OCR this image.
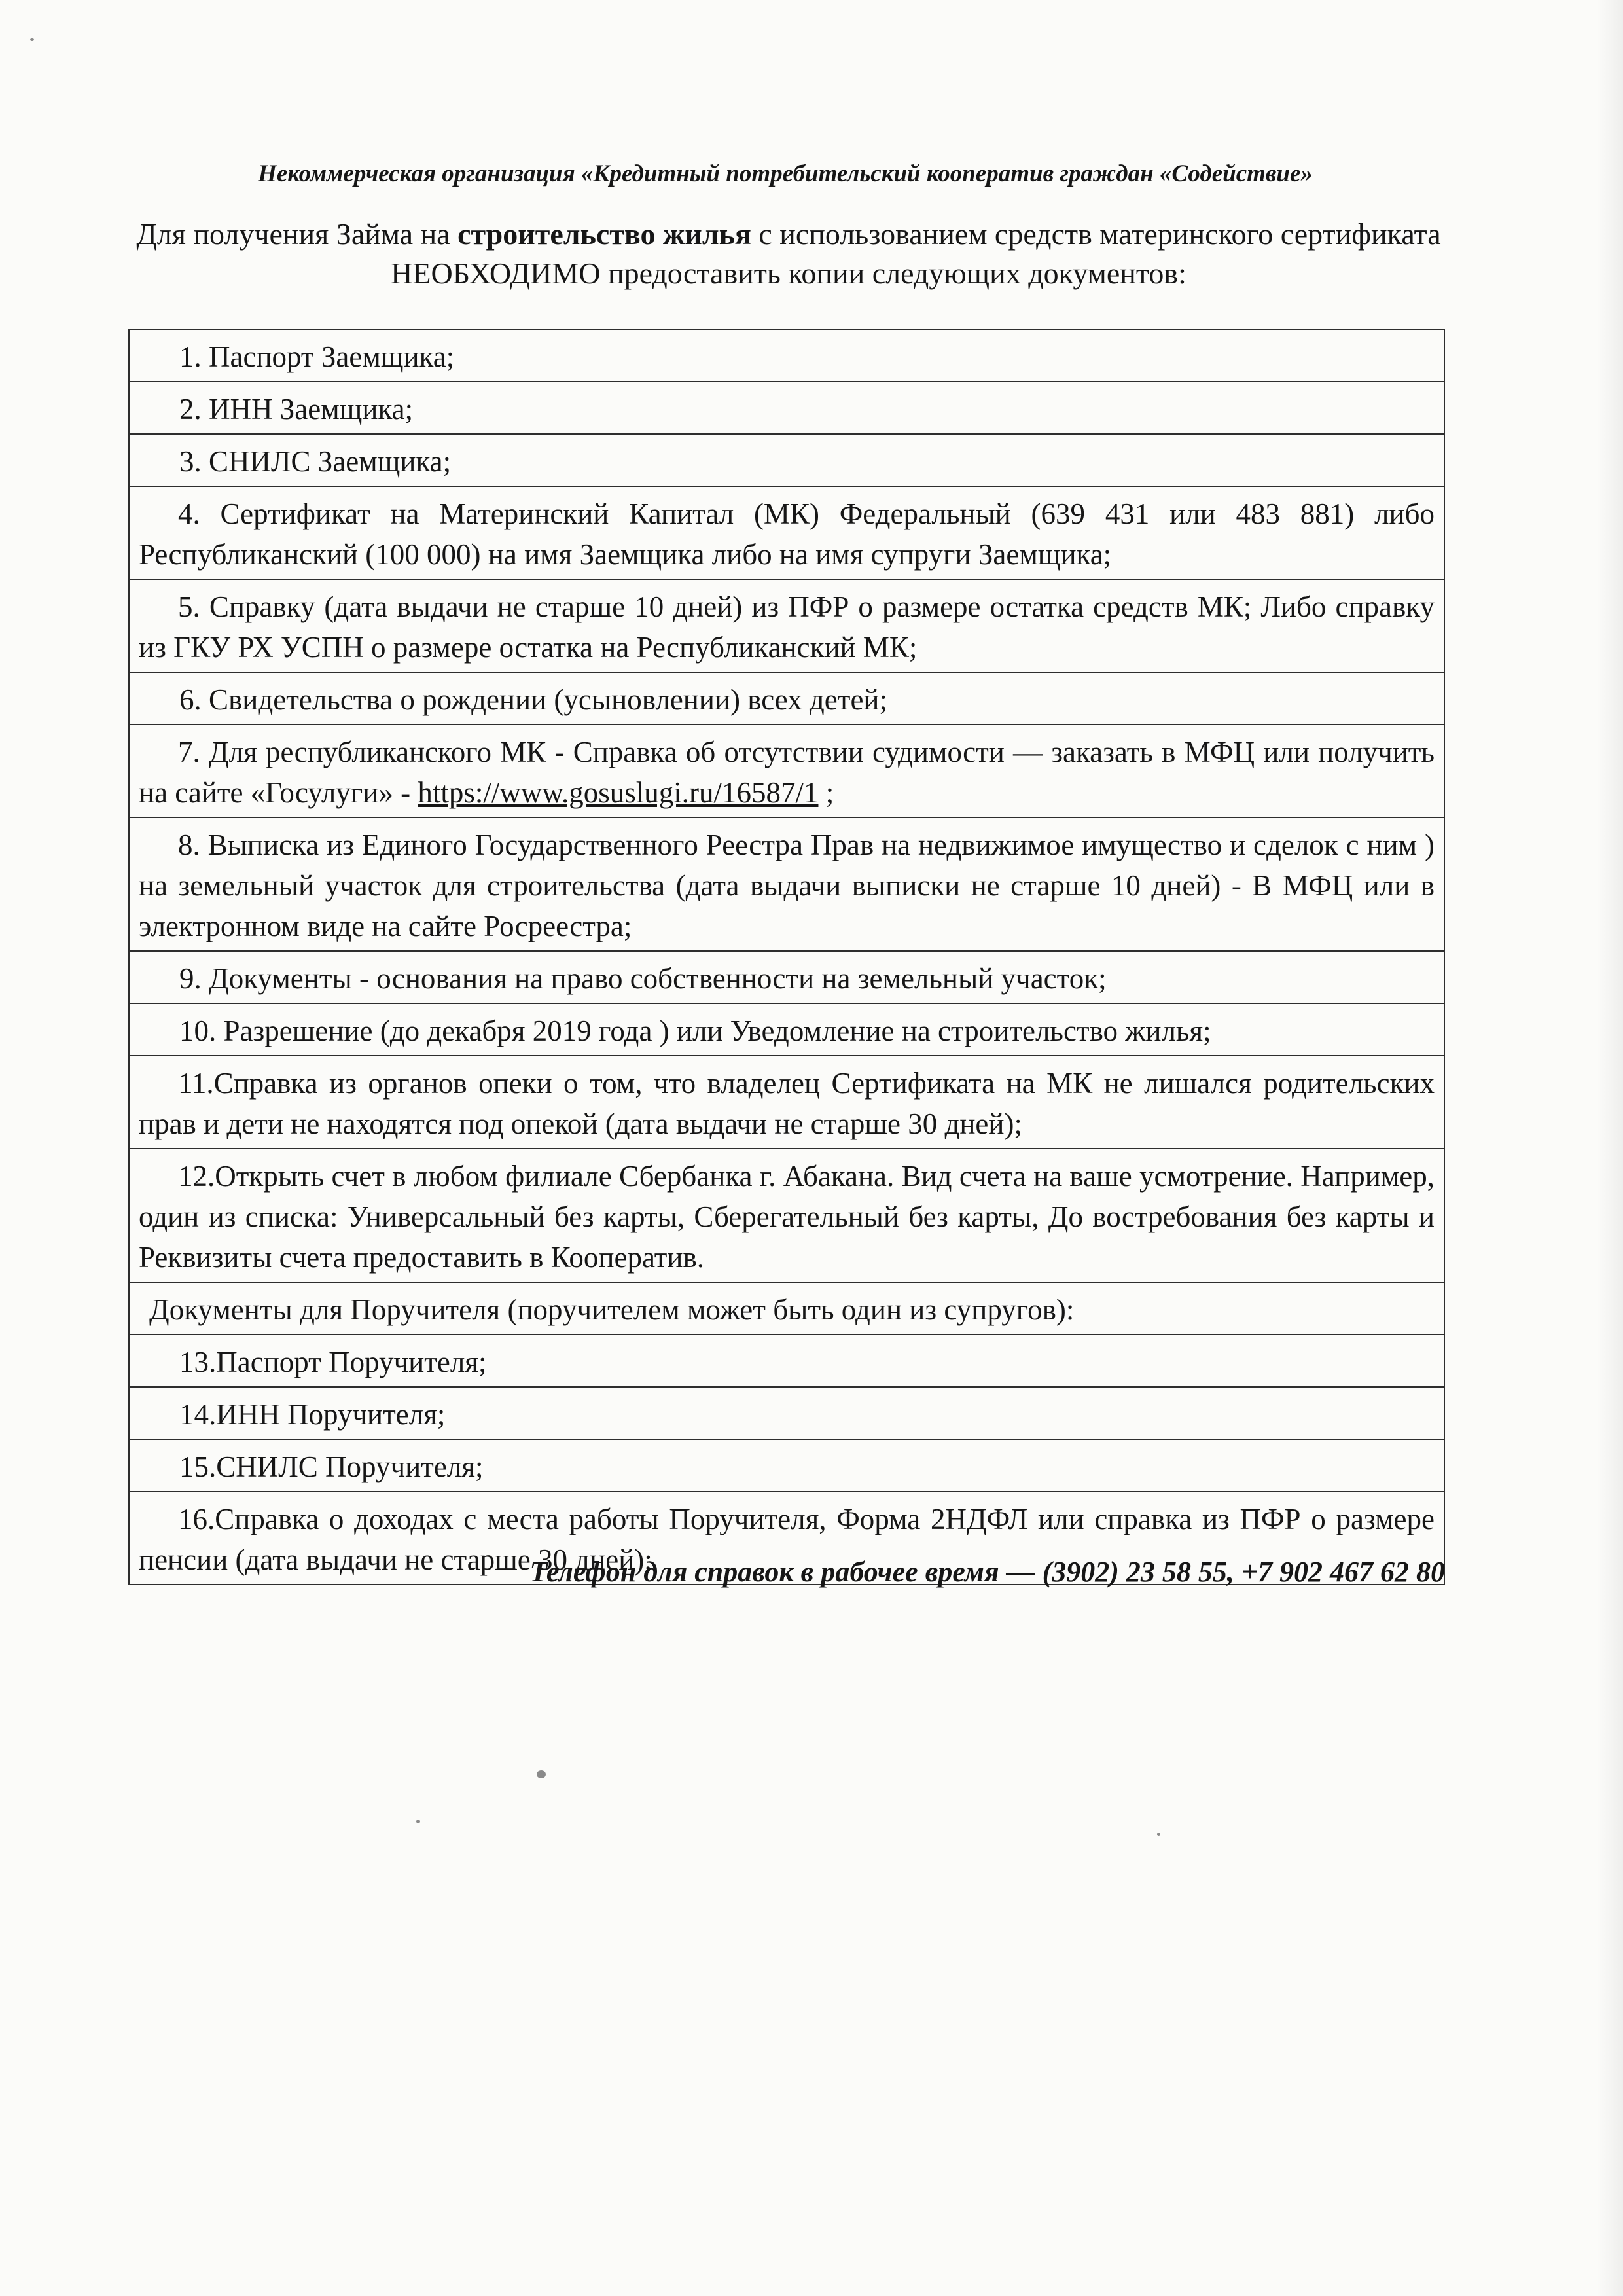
Некоммерческая организация «Кредитный потребительский кооператив граждан «Содействие»
Для получения Займа на строительство жилья с использованием средств материнского сертификата НЕОБХОДИМО предоставить копии следующих документов:
1. Паспорт Заемщика;
2. ИНН Заемщика;
3. СНИЛС Заемщика;
4. Сертификат на Материнский Капитал (МК) Федеральный (639 431 или 483 881) либо Республиканский (100 000) на имя Заемщика либо на имя супруги Заемщика;
5. Справку (дата выдачи не старше 10 дней) из ПФР о размере остатка средств МК; Либо справку из ГКУ РХ УСПН о размере остатка на Республиканский МК;
6. Свидетельства о рождении (усыновлении) всех детей;
7. Для республиканского МК - Справка об отсутствии судимости — заказать в МФЦ или получить на сайте «Госулуги» - https://www.gosuslugi.ru/16587/1 ;
8. Выписка из Единого Государственного Реестра Прав на недвижимое имущество и сделок с ним ) на земельный участок для строительства (дата выдачи выписки не старше 10 дней) - В МФЦ или в электронном виде на сайте Росреестра;
9. Документы - основания на право собственности на земельный участок;
10. Разрешение (до декабря 2019 года ) или Уведомление на строительство жилья;
11.Справка из органов опеки о том, что владелец Сертификата на МК не лишался родительских прав и дети не находятся под опекой (дата выдачи не старше 30 дней);
12.Открыть счет в любом филиале Сбербанка г. Абакана. Вид счета на ваше усмотрение. Например, один из списка: Универсальный без карты, Сберегательный без карты, До востребования без карты и Реквизиты счета предоставить в Кооператив.
Документы для Поручителя (поручителем может быть один из супругов):
13.Паспорт Поручителя;
14.ИНН Поручителя;
15.СНИЛС Поручителя;
16.Справка о доходах с места работы Поручителя, Форма 2НДФЛ или справка из ПФР о размере пенсии (дата выдачи не старше 30 дней);
Телефон для справок в рабочее время — (3902) 23 58 55, +7 902 467 62 80
